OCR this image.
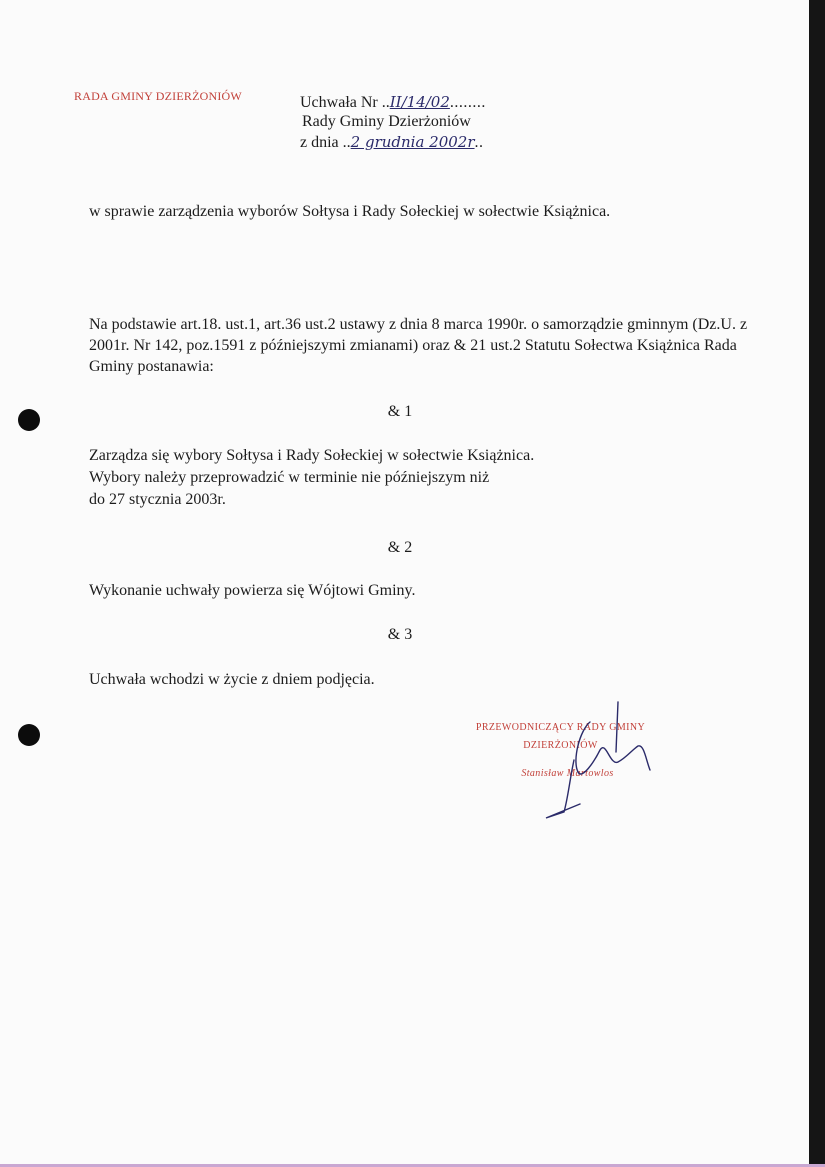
RADA GMINY DZIERŻONIÓW	Uchwała Nr ..II/14/02........
Rady Gminy Dzierżoniów
z dnia ..2 grudnia 2002r..
w sprawie zarządzenia wyborów Sołtysa i Rady Sołeckiej w sołectwie Książnica.
Na podstawie art.18. ust.1, art.36 ust.2 ustawy z dnia 8 marca 1990r. o samorządzie gminnym (Dz.U. z 2001r. Nr 142, poz.1591 z późniejszymi zmianami) oraz & 21 ust.2 Statutu Sołectwa Książnica Rada Gminy postanawia:
& 1
Zarządza się wybory Sołtysa i Rady Sołeckiej w sołectwie Książnica.
Wybory należy przeprowadzić w terminie nie późniejszym niż
do 27 stycznia 2003r.
& 2
Wykonanie uchwały powierza się Wójtowi Gminy.
& 3
Uchwała wchodzi w życie z dniem podjęcia.
PRZEWODNICZĄCY RADY GMINY
DZIERŻONIÓW
Stanisław Martowlos
